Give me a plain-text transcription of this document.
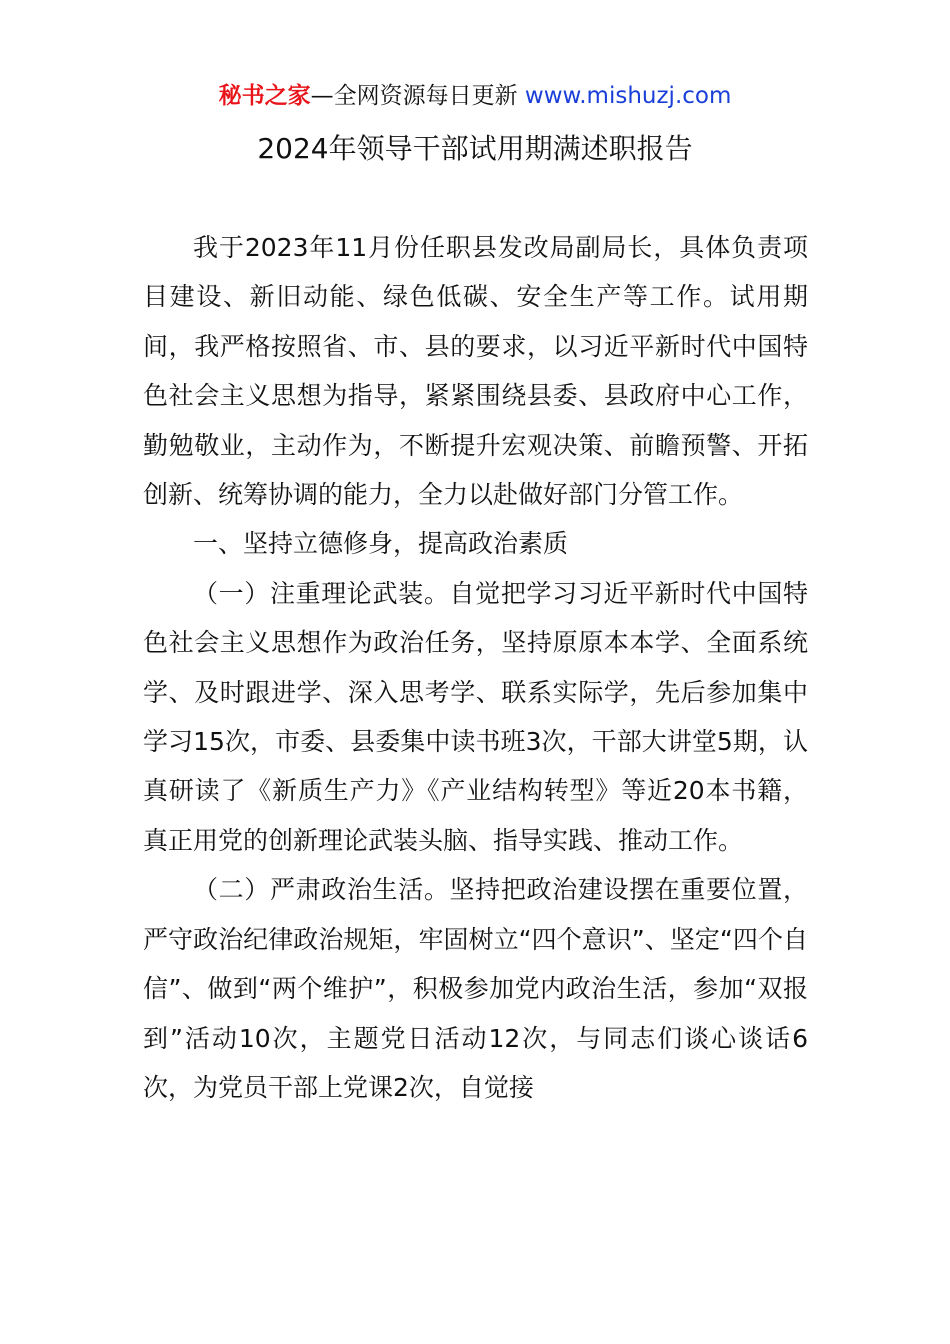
秘书之家—全网资源每日更新 www.mishuzj.com
2024年领导干部试用期满述职报告

我于2023年11月份任职县发改局副局长，具体负责项目建设、新旧动能、绿色低碳、安全生产等工作。试用期间，我严格按照省、市、县的要求，以习近平新时代中国特色社会主义思想为指导，紧紧围绕县委、县政府中心工作，勤勉敬业，主动作为，不断提升宏观决策、前瞻预警、开拓创新、统筹协调的能力，全力以赴做好部门分管工作。

一、坚持立德修身，提高政治素质

（一）注重理论武装。自觉把学习习近平新时代中国特色社会主义思想作为政治任务，坚持原原本本学、全面系统学、及时跟进学、深入思考学、联系实际学，先后参加集中学习15次，市委、县委集中读书班3次，干部大讲堂5期，认真研读了《新质生产力》《产业结构转型》等近20本书籍，真正用党的创新理论武装头脑、指导实践、推动工作。

（二）严肃政治生活。坚持把政治建设摆在重要位置，严守政治纪律政治规矩，牢固树立“四个意识”、坚定“四个自信”、做到“两个维护”，积极参加党内政治生活，参加“双报到”活动10次，主题党日活动12次，与同志们谈心谈话6次，为党员干部上党课2次，自觉接
